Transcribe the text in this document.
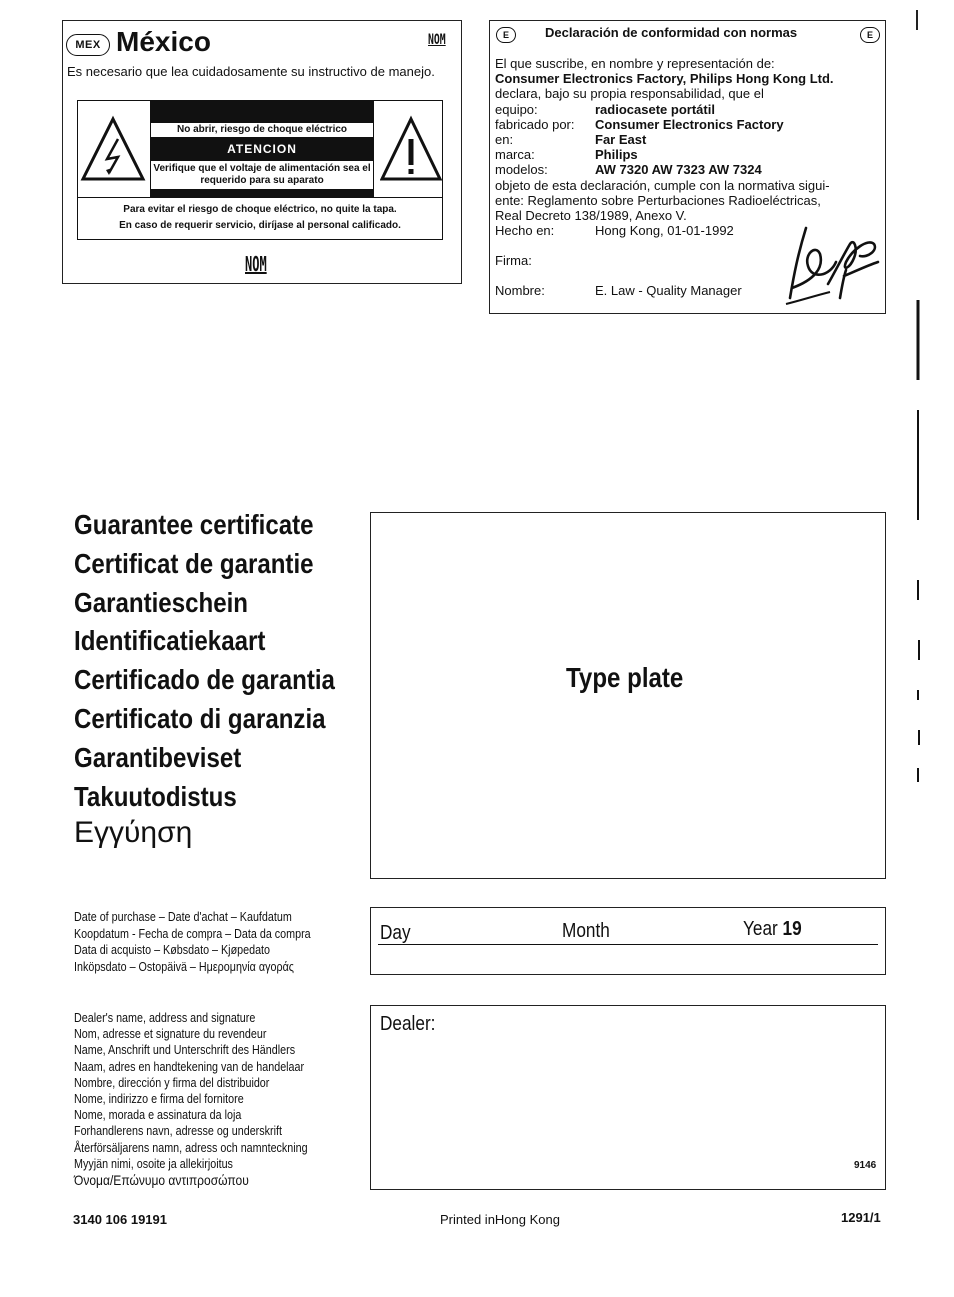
MEX México	NOM
Es necesario que lea cuidadosamente su instructivo de manejo.
No abrir, riesgo de choque eléctrico
ATENCION
Verifique que el voltaje de alimentación sea el requerido para su aparato
Para evitar el riesgo de choque eléctrico, no quite la tapa.
En caso de requerir servicio, diríjase al personal calificado.
NOM
E	E
Declaración de conformidad con normas
El que suscribe, en nombre y representación de:
Consumer Electronics Factory, Philips Hong Kong Ltd.
declara, bajo su propia responsabilidad, que el
equipo:	radiocasete portátil
fabricado por: Consumer Electronics Factory
en:	Far East
marca:	Philips
modelos:	AW 7320 AW 7323 AW 7324
objeto de esta declaración, cumple con la normativa sigui-
ente: Reglamento sobre Perturbaciones Radioeléctricas,
Real Decreto 138/1989, Anexo V.
Hecho en:	Hong Kong, 01-01-1992
Firma:
Nombre:	E. Law - Quality Manager
Guarantee certificate
Certificat de garantie
Garantieschein
Identificatiekaart
Certificado de garantia
Certificato di garanzia
Garantibeviset
Takuutodistus
Εγγύηση
Type plate
Date of purchase – Date d'achat – Kaufdatum
Koopdatum - Fecha de compra – Data da compra
Data di acquisto – Købsdato – Kjøpedato
Inköpsdato – Ostopäivä – Ημερομηνία αγοράς
Day	Month	Year 19
Dealer's name, address and signature
Nom, adresse et signature du revendeur
Name, Anschrift und Unterschrift des Händlers
Naam, adres en handtekening van de handelaar
Nombre, dirección y firma del distribuidor
Nome, indirizzo e firma del fornitore
Nome, morada e assinatura da loja
Forhandlerens navn, adresse og underskrift
Återförsäljarens namn, adress och namnteckning
Myyjän nimi, osoite ja allekirjoitus
Όνομα/Επώνυμο αντιπροσώπου
Dealer:
9146
3140 106 19191	Printed inHong Kong	1291/1
